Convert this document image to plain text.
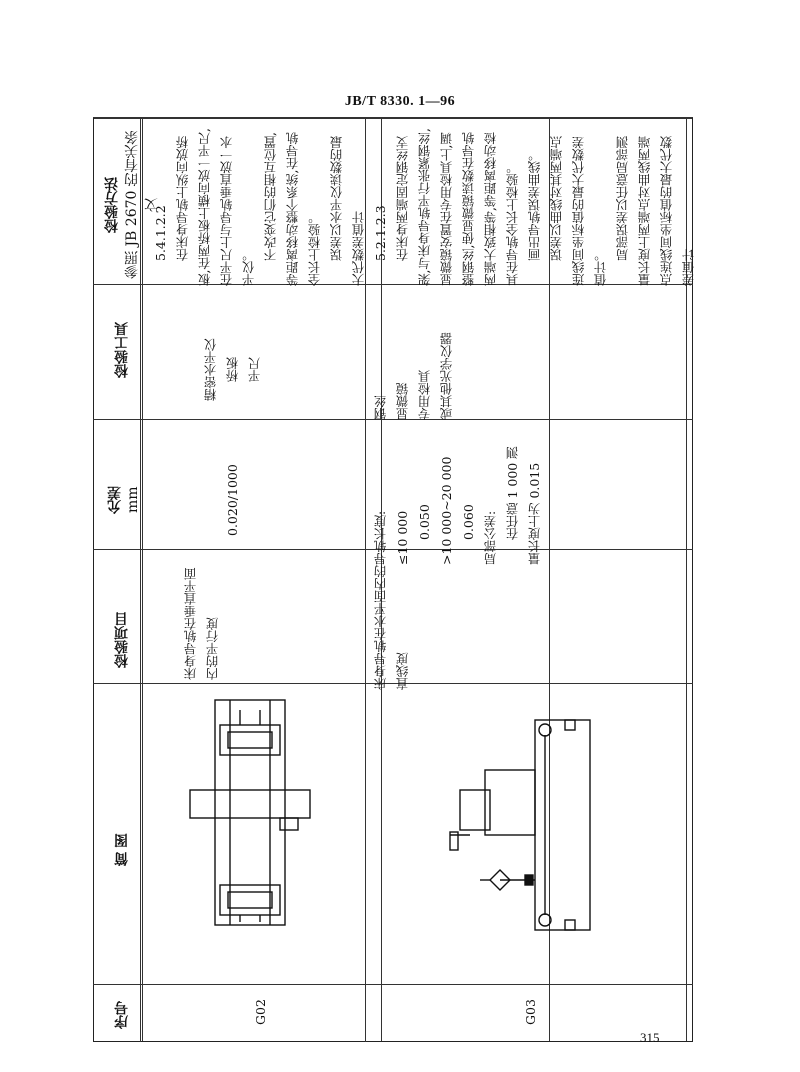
JB/T 8330. 1—96
检验方法 参照 JB 2670 的有关条文
检验工具
允差 mm
检验项目
简 图
序号

5.4.1.2.2 在床身导轨上纵向放桥板,在两桥板上横向放一平尺,在平尺上与导轨垂直放一水平仪。

不改变它们的相互位置,等距离移动整个系统,在导轨全长上检验。 误差以水平仪读数的最大代数差值计

精密水平仪 桥板 平尺

0.020/1000
床身导轨在垂直平面内的平行度
G02

5.2.1.2.3 在床身两端固定钢丝支架,与床身导轨平行张紧钢丝,显微镜安置在专用检具上,调整钢丝,使显微镜读数在导轨两端大致相等,等距离移动检具在导轨全长上检验。 画出导轨误差曲线。 误差以曲线对其两端点连线间坐标值的最大代数差值计。

局部误差以任意局部测量长度上两端点对曲线两端点连线间坐标值的最大代数差值计

钢丝 显微镜 专用检具 或其他光学仪器

导轨长度: ≤10 000 0.050 >10 000~20 000 0.060 局部公差: 在任意 1 000 测量长度上为 0.015

床身导轨在水平面内的直线度
G03
315
